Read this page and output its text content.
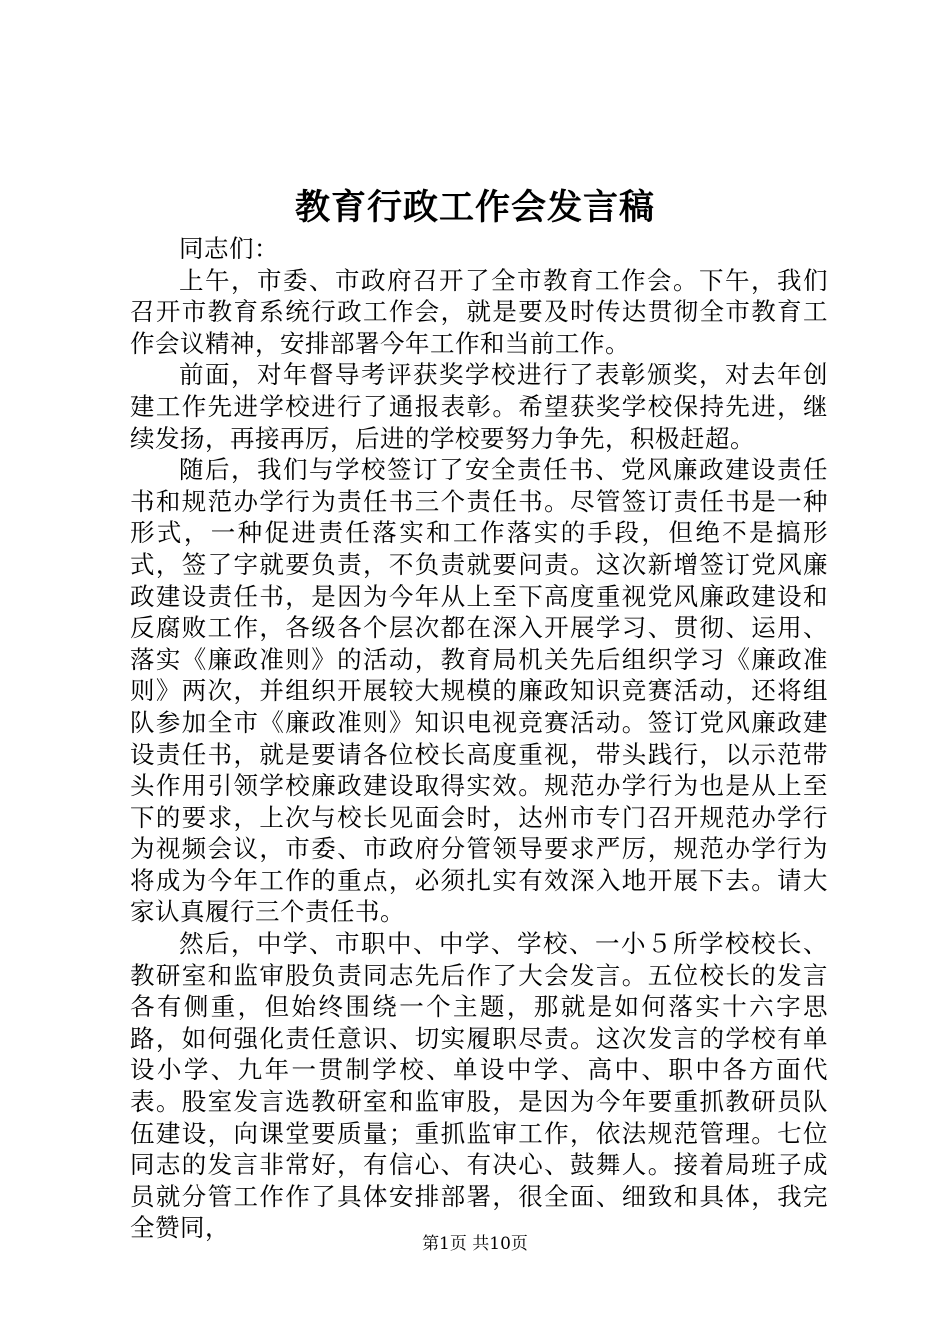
教育行政工作会发言稿

同志们：

上午，市委、市政府召开了全市教育工作会。下午，我们召开市教育系统行政工作会，就是要及时传达贯彻全市教育工作会议精神，安排部署今年工作和当前工作。

前面，对年督导考评获奖学校进行了表彰颁奖，对去年创建工作先进学校进行了通报表彰。希望获奖学校保持先进，继续发扬，再接再厉，后进的学校要努力争先，积极赶超。

随后，我们与学校签订了安全责任书、党风廉政建设责任书和规范办学行为责任书三个责任书。尽管签订责任书是一种形式，一种促进责任落实和工作落实的手段，但绝不是搞形式，签了字就要负责，不负责就要问责。这次新增签订党风廉政建设责任书，是因为今年从上至下高度重视党风廉政建设和反腐败工作，各级各个层次都在深入开展学习、贯彻、运用、落实《廉政准则》的活动，教育局机关先后组织学习《廉政准则》两次，并组织开展较大规模的廉政知识竞赛活动，还将组队参加全市《廉政准则》知识电视竞赛活动。签订党风廉政建设责任书，就是要请各位校长高度重视，带头践行，以示范带头作用引领学校廉政建设取得实效。规范办学行为也是从上至下的要求，上次与校长见面会时，达州市专门召开规范办学行为视频会议，市委、市政府分管领导要求严厉，规范办学行为将成为今年工作的重点，必须扎实有效深入地开展下去。请大家认真履行三个责任书。

然后，中学、市职中、中学、学校、一小５所学校校长、教研室和监审股负责同志先后作了大会发言。五位校长的发言各有侧重，但始终围绕一个主题，那就是如何落实十六字思路，如何强化责任意识、切实履职尽责。这次发言的学校有单设小学、九年一贯制学校、单设中学、高中、职中各方面代表。股室发言选教研室和监审股，是因为今年要重抓教研员队伍建设，向课堂要质量；重抓监审工作，依法规范管理。七位同志的发言非常好，有信心、有决心、鼓舞人。接着局班子成员就分管工作作了具体安排部署，很全面、细致和具体，我完全赞同，

第1页 共10页
